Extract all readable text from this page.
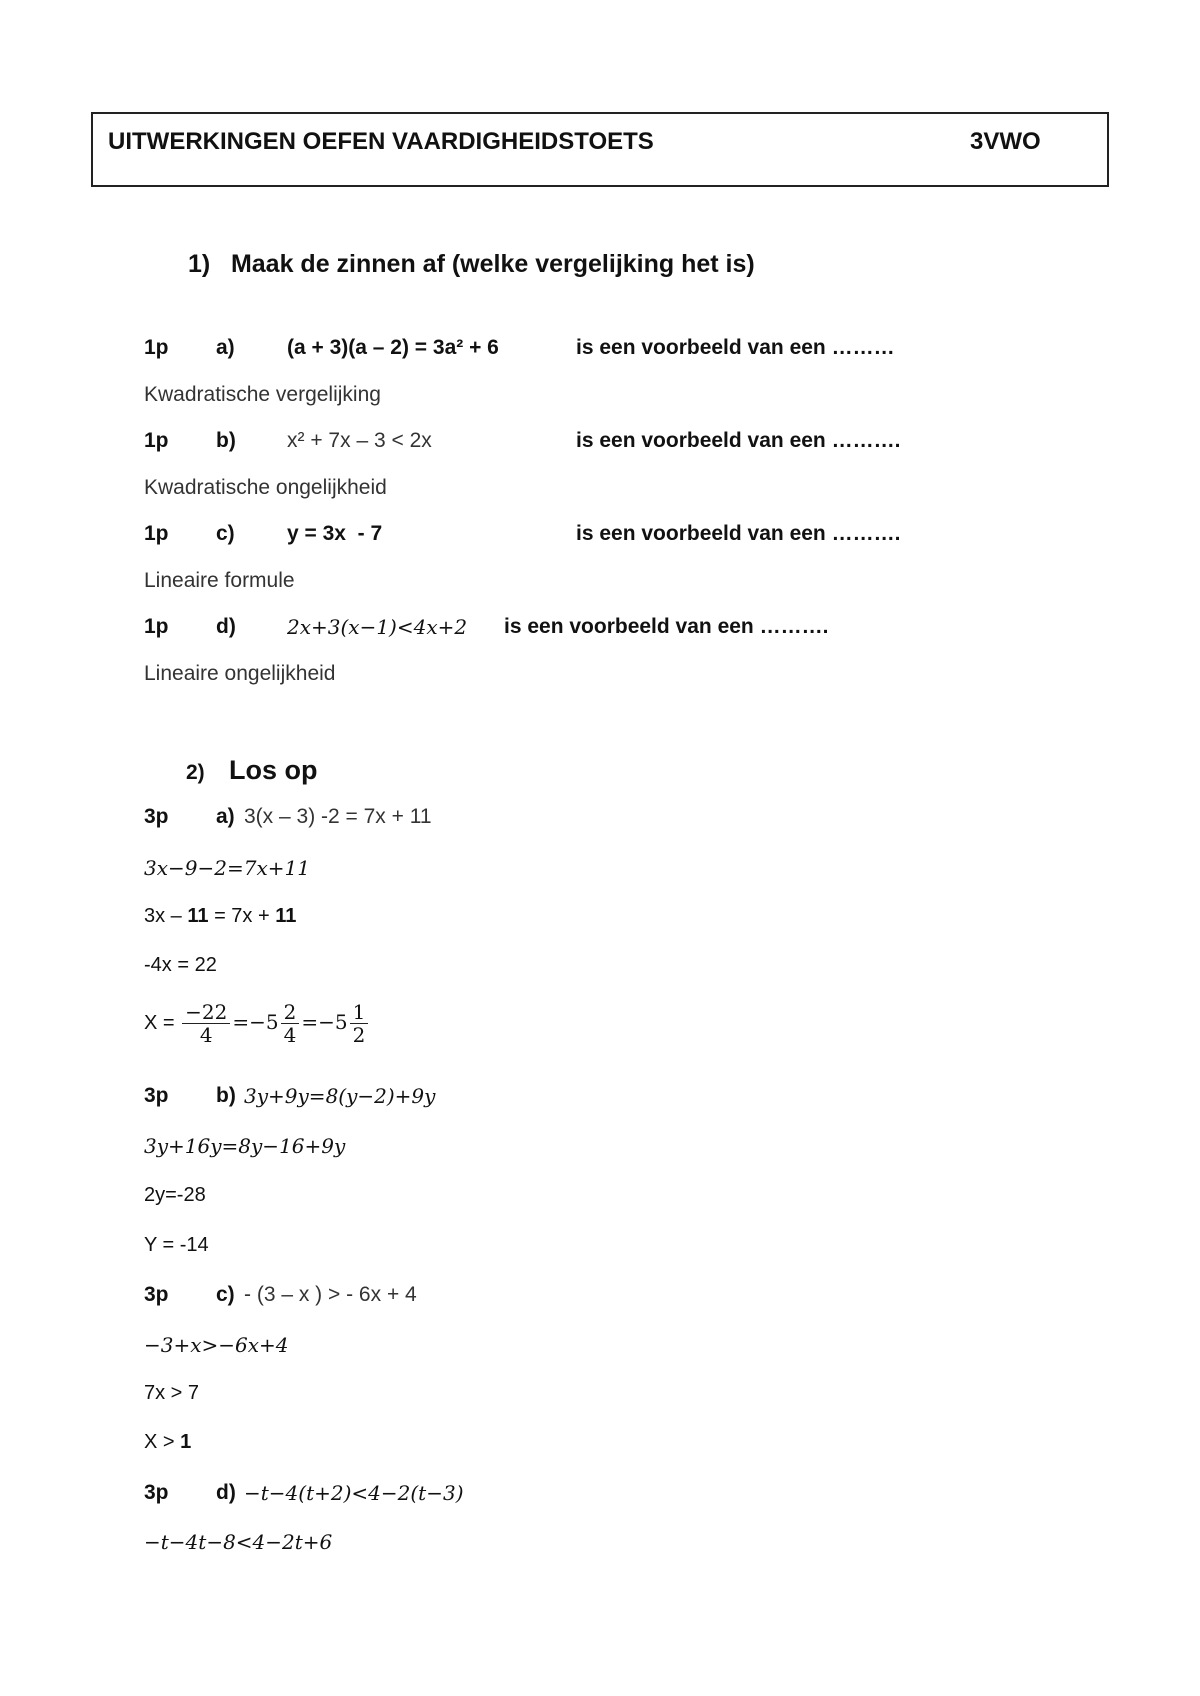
UITWERKINGEN OEFEN VAARDIGHEIDSTOETS	3VWO
1) Maak de zinnen af (welke vergelijking het is)
1p a) (a + 3)(a – 2) = 3a² + 6	is een voorbeeld van een ………
Kwadratische vergelijking
1p b) x² + 7x – 3 < 2x	is een voorbeeld van een ……….
Kwadratische ongelijkheid
1p c) y = 3x  - 7	is een voorbeeld van een ……….
Lineaire formule
1p d)	2x+3(x−1)<4x+2 is een voorbeeld van een ……….
Lineaire ongelijkheid
2) Los op
3p a) 3(x – 3) -2 = 7x + 11
3x−9−2=7x+11
3x – 11 = 7x + 11
-4x = 22
$X = \frac{-22}{4} =-5 \frac{2}{4} =-5 \frac{1}{2}$
3p b) 3y+9y=8(y−2)+9y
3y+16y=8y−16+9y
2y=-28
Y = -14
3p c) - (3 – x ) > - 6x + 4
−3+x>−6x+4
7x > 7
X > 1
3p d) −t−4(t+2)<4−2(t−3)
−t−4t−8<4−2t+6
